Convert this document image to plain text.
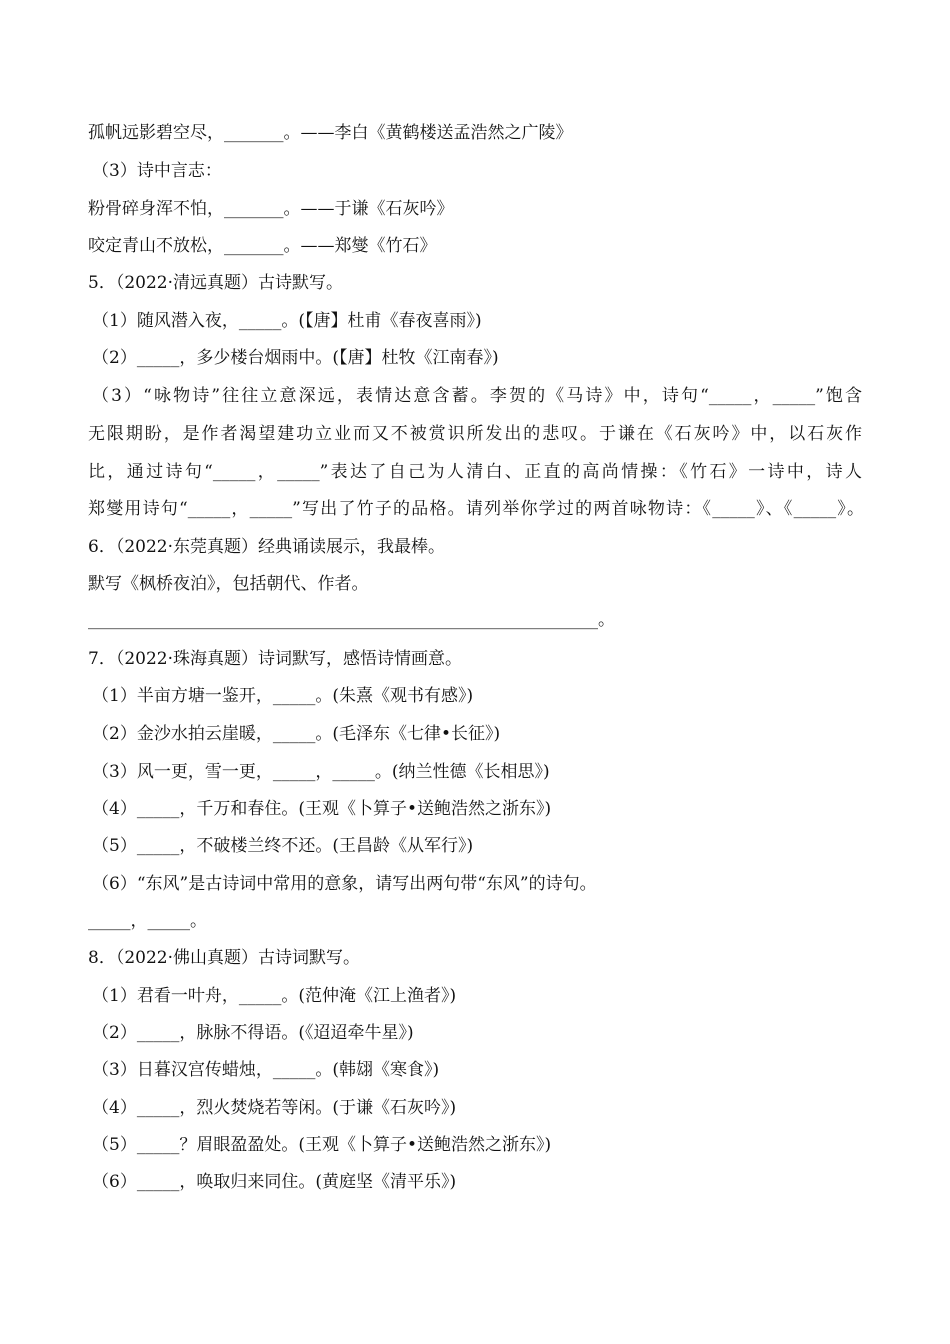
孤帆远影碧空尽，_______。——李白《黄鹤楼送孟浩然之广陵》
（3）诗中言志：
粉骨碎身浑不怕，_______。——于谦《石灰吟》
咬定青山不放松，_______。——郑燮《竹石》
5．（2022·清远真题）古诗默写。
（1）随风潜入夜，_____。(【唐】杜甫《春夜喜雨》)
（2）_____，多少楼台烟雨中。(【唐】杜牧《江南春》)
（3）“咏物诗”往往立意深远，表情达意含蓄。李贺的《马诗》中，诗句“_____，_____”饱含
无限期盼，是作者渴望建功立业而又不被赏识所发出的悲叹。于谦在《石灰吟》中，以石灰作
比，通过诗句“_____，_____”表达了自己为人清白、正直的高尚情操：《竹石》一诗中，诗人
郑燮用诗句“_____，_____”写出了竹子的品格。请列举你学过的两首咏物诗：《_____》、《_____》。
6．（2022·东莞真题）经典诵读展示，我最棒。
默写《枫桥夜泊》，包括朝代、作者。
____________________________________________________________。
7．（2022·珠海真题）诗词默写，感悟诗情画意。
（1）半亩方塘一鉴开，_____。(朱熹《观书有感》)
（2）金沙水拍云崖暖，_____。(毛泽东《七律•长征》)
（3）风一更，雪一更，_____，_____。(纳兰性德《长相思》)
（4）_____，千万和春住。(王观《卜算子•送鲍浩然之浙东》)
（5）_____，不破楼兰终不还。(王昌龄《从军行》)
（6）“东风”是古诗词中常用的意象，请写出两句带“东风”的诗句。
_____，_____。
8．（2022·佛山真题）古诗词默写。
（1）君看一叶舟，_____。(范仲淹《江上渔者》)
（2）_____，脉脉不得语。(《迢迢牵牛星》)
（3）日暮汉宫传蜡烛，_____。(韩翃《寒食》)
（4）_____，烈火焚烧若等闲。(于谦《石灰吟》)
（5）_____？眉眼盈盈处。(王观《卜算子•送鲍浩然之浙东》)
（6）_____，唤取归来同住。(黄庭坚《清平乐》)
